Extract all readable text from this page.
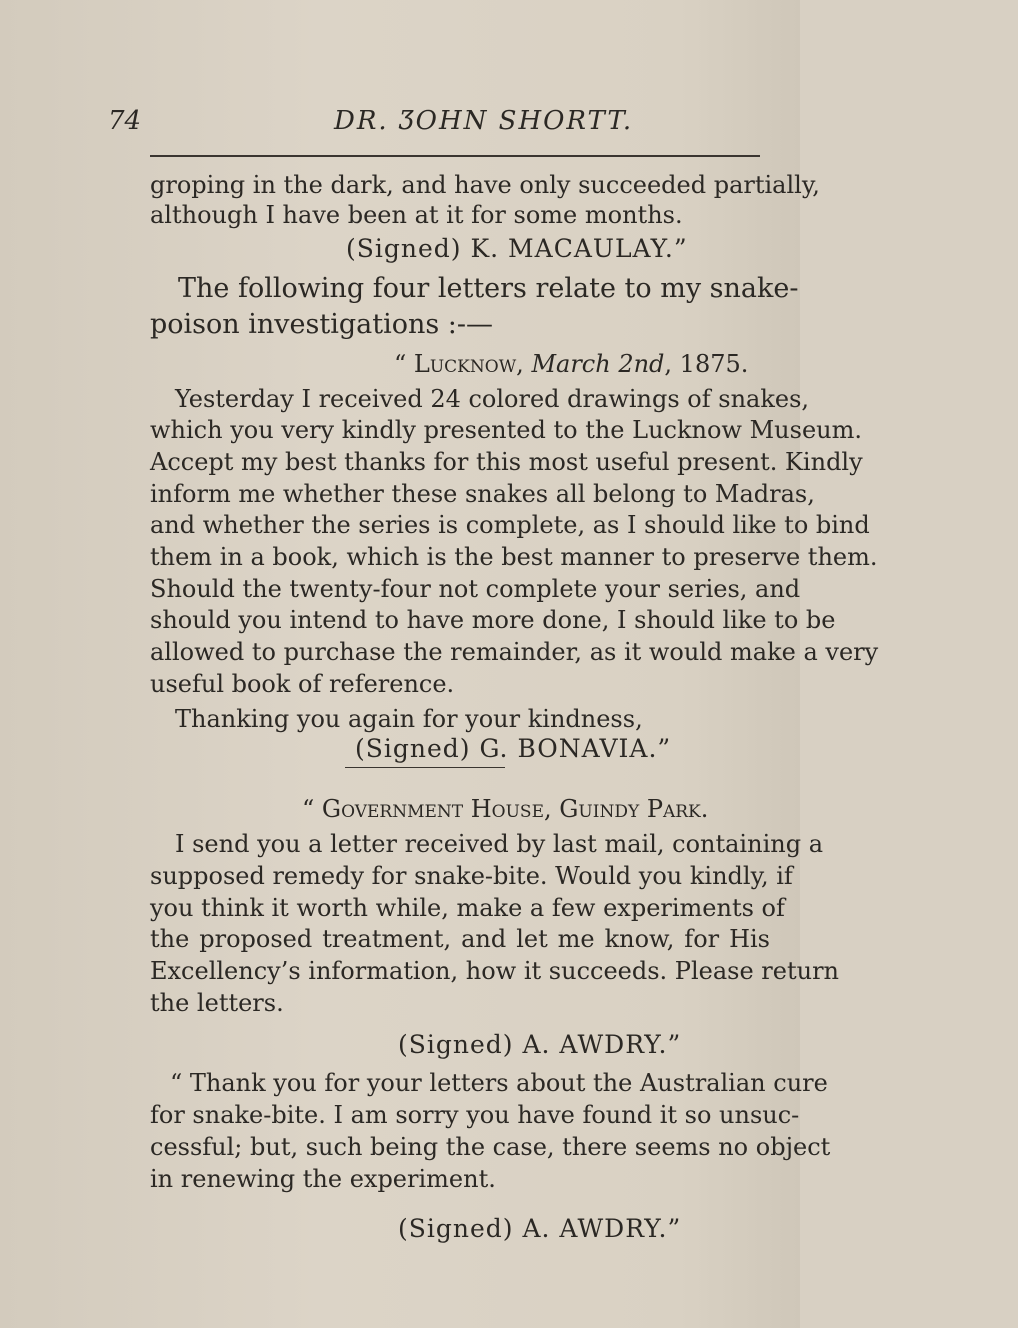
74	DR. ƷOHN SHORTT.
groping in the dark, and have only succeeded partially,
although I have been at it for some months.
(Signed) K. MACAULAY.”
The following four letters relate to my snake-
poison investigations :-—
“ Lucknow, March 2nd, 1875.
Yesterday I received 24 colored drawings of snakes,
which you very kindly presented to the Lucknow Museum.
Accept my best thanks for this most useful present. Kindly
inform me whether these snakes all belong to Madras,
and whether the series is complete, as I should like to bind
them in a book, which is the best manner to preserve them.
Should the twenty-four not complete your series, and
should you intend to have more done, I should like to be
allowed to purchase the remainder, as it would make a very
useful book of reference.
Thanking you again for your kindness,
(Signed) G. BONAVIA.”
“ Government House, Guindy Park.
I send you a letter received by last mail, containing a
supposed remedy for snake-bite. Would you kindly, if
you think it worth while, make a few experiments of
the proposed treatment, and let me know, for His
Excellency’s information, how it succeeds. Please return
the letters.
(Signed) A. AWDRY.”
“ Thank you for your letters about the Australian cure
for snake-bite. I am sorry you have found it so unsuc-
cessful; but, such being the case, there seems no object
in renewing the experiment.
(Signed) A. AWDRY.”
